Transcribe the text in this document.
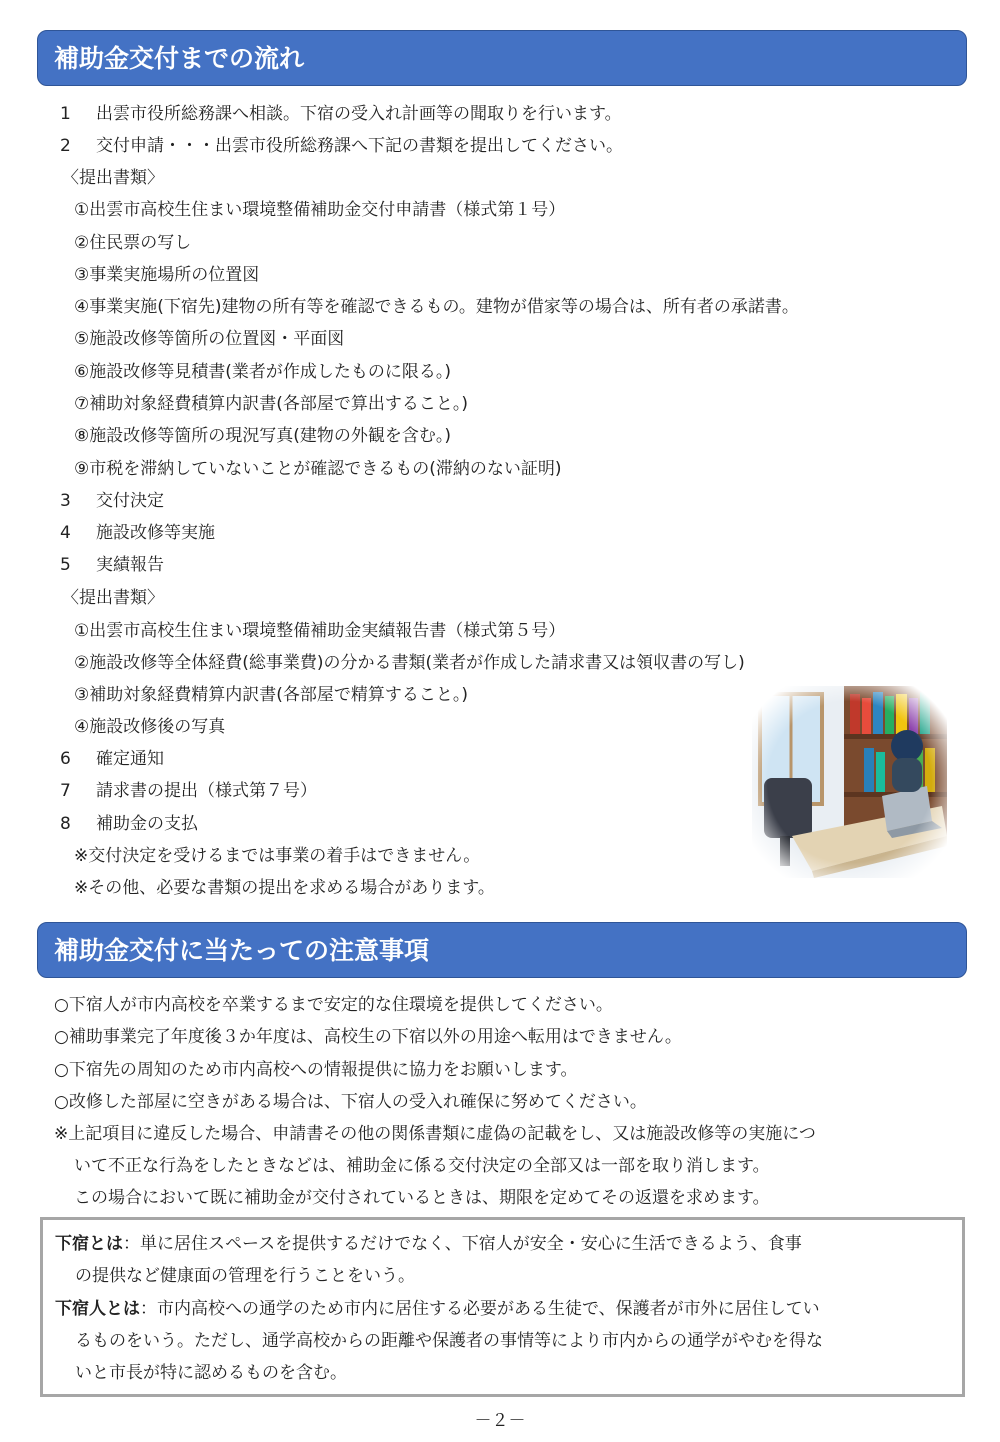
補助金交付までの流れ
1 出雲市役所総務課へ相談。下宿の受入れ計画等の聞取りを行います。
2 交付申請・・・出雲市役所総務課へ下記の書類を提出してください。
〈提出書類〉
①出雲市高校生住まい環境整備補助金交付申請書（様式第１号）
②住民票の写し
③事業実施場所の位置図
④事業実施(下宿先)建物の所有等を確認できるもの。建物が借家等の場合は、所有者の承諾書。
⑤施設改修等箇所の位置図・平面図
⑥施設改修等見積書(業者が作成したものに限る。)
⑦補助対象経費積算内訳書(各部屋で算出すること。)
⑧施設改修等箇所の現況写真(建物の外観を含む。)
⑨市税を滞納していないことが確認できるもの(滞納のない証明)
3 交付決定
4 施設改修等実施
5 実績報告
〈提出書類〉
①出雲市高校生住まい環境整備補助金実績報告書（様式第５号）
②施設改修等全体経費(総事業費)の分かる書類(業者が作成した請求書又は領収書の写し)
③補助対象経費精算内訳書(各部屋で精算すること。)
④施設改修後の写真
6 確定通知
7 請求書の提出（様式第７号）
8 補助金の支払
※交付決定を受けるまでは事業の着手はできません。
※その他、必要な書類の提出を求める場合があります。
補助金交付に当たっての注意事項
○下宿人が市内高校を卒業するまで安定的な住環境を提供してください。
○補助事業完了年度後３か年度は、高校生の下宿以外の用途へ転用はできません。
○下宿先の周知のため市内高校への情報提供に協力をお願いします。
○改修した部屋に空きがある場合は、下宿人の受入れ確保に努めてください。
※上記項目に違反した場合、申請書その他の関係書類に虚偽の記載をし、又は施設改修等の実施につ
いて不正な行為をしたときなどは、補助金に係る交付決定の全部又は一部を取り消します。
この場合において既に補助金が交付されているときは、期限を定めてその返還を求めます。
下宿とは：単に居住スペースを提供するだけでなく、下宿人が安全・安心に生活できるよう、食事
の提供など健康面の管理を行うことをいう。
下宿人とは：市内高校への通学のため市内に居住する必要がある生徒で、保護者が市外に居住してい
るものをいう。ただし、通学高校からの距離や保護者の事情等により市内からの通学がやむを得な
いと市長が特に認めるものを含む。
－２－
